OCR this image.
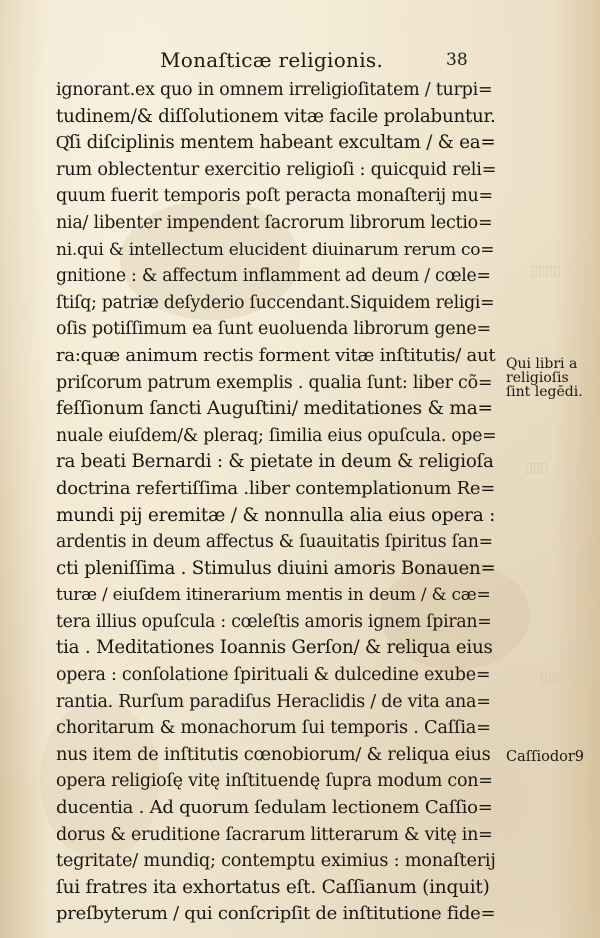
▯▯▯▯
▯▯▯
▯▯▯
Monaſticæ religionis.	38
ignorant.ex quo in omnem irreligioſitatem / turpi=
tudinem/& diſſolutionem vitæ facile prolabuntur.
Q͂ſi diſciplinis mentem habeant excultam / & ea=
rum oblectentur exercitio religioſi : quicquid reli=
quum fuerit temporis poſt peracta monaſterij mu=
nia/ libenter impendent ſacrorum librorum lectio=
ni.qui & intellectum elucident diuinarum rerum co=
gnitione : & affectum inflamment ad deum / cœle=
ſtiſq; patriæ deſyderio ſuccendant.Siquidem religi=
oſis potiſſimum ea ſunt euoluenda librorum gene=
ra:quæ animum rectis forment vitæ inſtitutis/ aut
priſcorum patrum exemplis . qualia ſunt: liber cõ=
feſſionum ſancti Auguſtini/ meditationes & ma=
nuale eiuſdem/& pleraq; ſimilia eius opuſcula. ope=
ra beati Bernardi : & pietate in deum & religioſa
doctrina refertiſſima .liber contemplationum Re=
mundi pij eremitæ / & nonnulla alia eius opera :
ardentis in deum affectus & ſuauitatis ſpiritus ſan=
cti pleniſſima . Stimulus diuini amoris Bonauen=
turæ / eiuſdem itinerarium mentis in deum / & cæ=
tera illius opuſcula : cœleſtis amoris ignem ſpiran=
tia . Meditationes Ioannis Gerſon/ & reliqua eius
opera : conſolatione ſpirituali & dulcedine exube=
rantia. Rurſum paradiſus Heraclidis / de vita ana=
choritarum & monachorum ſui temporis . Caſſia=
nus item de inſtitutis cœnobiorum/ & reliqua eius
opera religioſę vitę inſtituendę ſupra modum con=
ducentia . Ad quorum ſedulam lectionem Caſſio=
dorus & eruditione ſacrarum litterarum & vitę in=
tegritate/ mundiq; contemptu eximius : monaſterij
ſui fratres ita exhortatus eſt. Caſſianum (inquit)
preſbyterum / qui conſcripſit de inſtitutione fide=
Qui libri a
religioſis
ſint legēdi.
Caſſiodor9
